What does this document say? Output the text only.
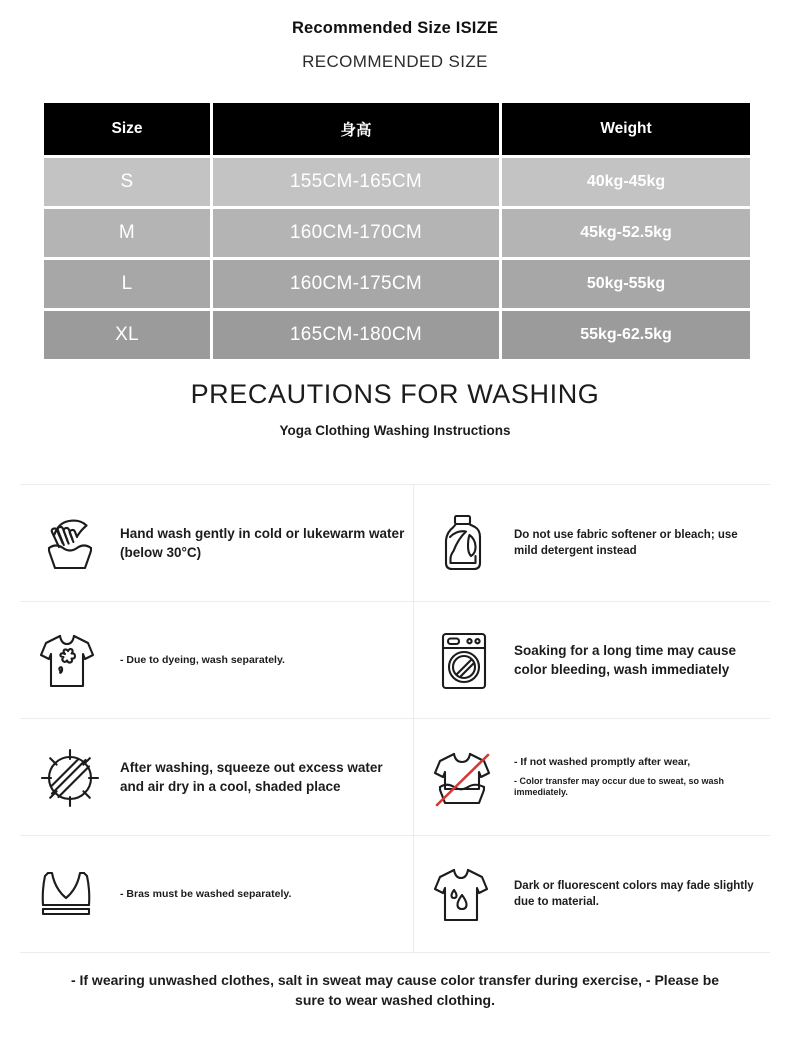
Recommended Size ISIZE
RECOMMENDED SIZE
Size	身高	Weight
S	155CM-165CM	40kg-45kg
M	160CM-170CM	45kg-52.5kg
L	160CM-175CM	50kg-55kg
XL	165CM-180CM	55kg-62.5kg
PRECAUTIONS FOR WASHING
Yoga Clothing Washing Instructions
Hand wash gently in cold or lukewarm water (below 30°C)
Do not use fabric softener or bleach; use mild detergent instead
- Due to dyeing, wash separately.
Soaking for a long time may cause color bleeding, wash immediately
After washing, squeeze out excess water and air dry in a cool, shaded place
- If not washed promptly after wear,
- Color transfer may occur due to sweat, so wash immediately.
- Bras must be washed separately.
Dark or fluorescent colors may fade slightly due to material.
- If wearing unwashed clothes, salt in sweat may cause color transfer during exercise, - Please be sure to wear washed clothing.
